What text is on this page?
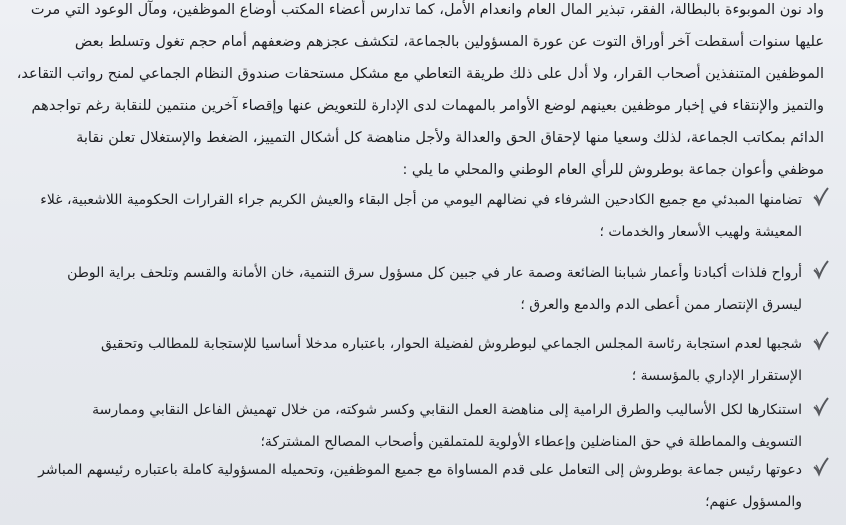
واد نون الموبوءة بالبطالة، الفقر، تبذير المال العام وانعدام الأمل، كما تدارس أعضاء المكتب أوضاع الموظفين، ومآل الوعود التي مرت

عليها سنوات أسقطت آخر أوراق التوت عن عورة المسؤولين بالجماعة، لتكشف عجزهم وضعفهم أمام حجم تغول وتسلط بعض

الموظفين المتنفذين أصحاب القرار، ولا أدل على ذلك طريقة التعاطي مع مشكل مستحقات صندوق النظام الجماعي لمنح رواتب التقاعد،

والتميز والإنتقاء في إخبار موظفين بعينهم لوضع الأوامر بالمهمات لدى الإدارة للتعويض عنها وإقصاء آخرين منتمين للنقابة رغم تواجدهم

الدائم بمكاتب الجماعة، لذلك وسعيا منها لإحقاق الحق والعدالة ولأجل مناهضة كل أشكال التمييز، الضغط والإستغلال تعلن نقابة

موظفي وأعوان جماعة بوطروش للرأي العام الوطني والمحلي ما يلي :

تضامنها المبدئي مع جميع الكادحين الشرفاء في نضالهم اليومي من أجل البقاء والعيش الكريم جراء القرارات الحكومية اللاشعبية، غلاء
المعيشة ولهيب الأسعار والخدمات ؛
أرواح فلذات أكبادنا وأعمار شبابنا الضائعة وصمة عار في جبين كل مسؤول سرق التنمية، خان الأمانة والقسم وتلحف براية الوطن
ليسرق الإنتصار ممن أعطى الدم والدمع والعرق ؛
شجبها لعدم استجابة رئاسة المجلس الجماعي لبوطروش لفضيلة الحوار، باعتباره مدخلا أساسيا للإستجابة للمطالب وتحقيق
الإستقرار الإداري بالمؤسسة ؛
استنكارها لكل الأساليب والطرق الرامية إلى مناهضة العمل النقابي وكسر شوكته، من خلال تهميش الفاعل النقابي وممارسة
التسويف والمماطلة في حق المناضلين وإعطاء الأولوية للمتملقين وأصحاب المصالح المشتركة؛
دعوتها رئيس جماعة بوطروش إلى التعامل على قدم المساواة مع جميع الموظفين، وتحميله المسؤولية كاملة باعتباره رئيسهم المباشر
والمسؤول عنهم؛
